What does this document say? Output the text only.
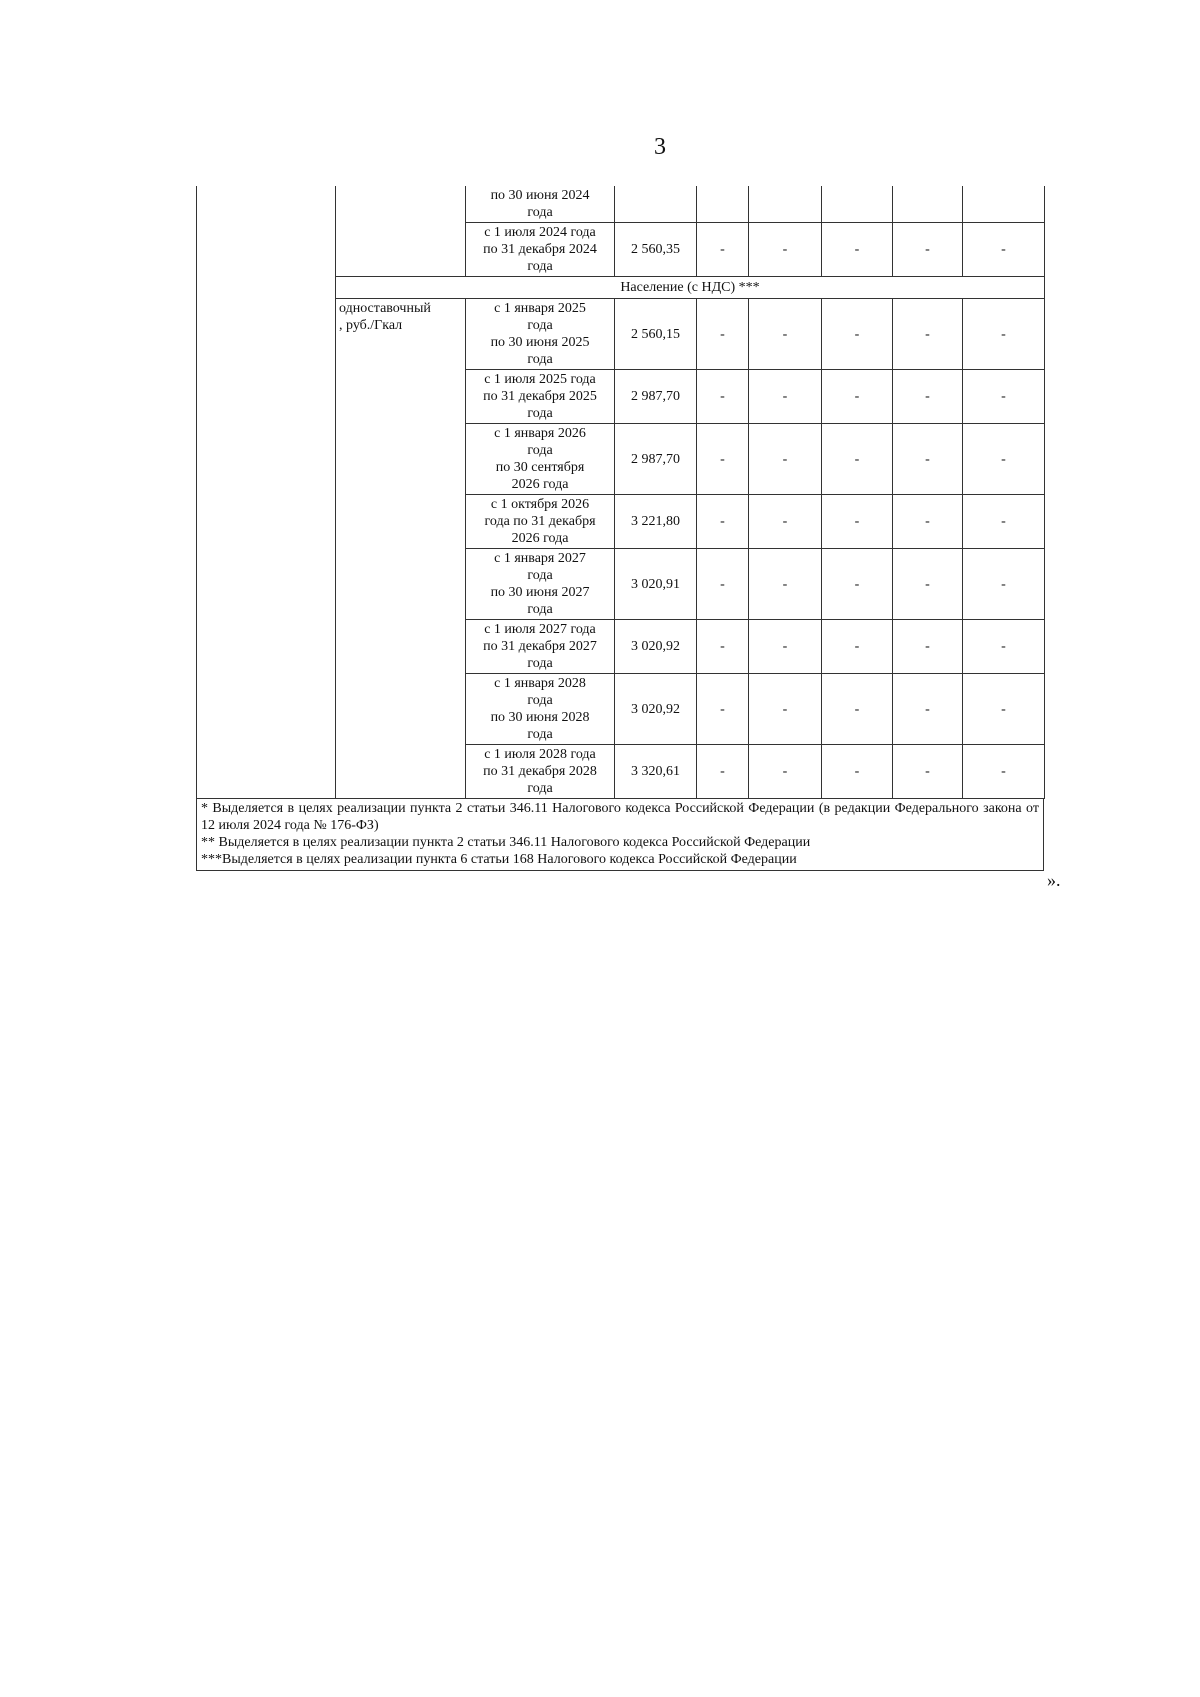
3
		по 30 июня 2024
года						
		с 1 июля 2024 года
по 31 декабря 2024
года	2 560,35	-	-	-	-	-
	Население (с НДС) ***							
	одноставочный
, руб./Гкал	с 1 января 2025
года
по 30 июня 2025
года	2 560,15	-	-	-	-	-
		с 1 июля 2025 года
по 31 декабря 2025
года	2 987,70	-	-	-	-	-
		с 1 января 2026
года
по 30 сентября
2026 года	2 987,70	-	-	-	-	-
		с 1 октября 2026
года по 31 декабря
2026 года	3 221,80	-	-	-	-	-
		с 1 января 2027
года
по 30 июня 2027
года	3 020,91	-	-	-	-	-
		с 1 июля 2027 года
по 31 декабря 2027
года	3 020,92	-	-	-	-	-
		с 1 января 2028
года
по 30 июня 2028
года	3 020,92	-	-	-	-	-
		с 1 июля 2028 года
по 31 декабря 2028
года	3 320,61	-	-	-	-	-
* Выделяется в целях реализации пункта 2 статьи 346.11 Налогового кодекса Российской Федерации (в редакции Федерального закона от 12 июля 2024 года № 176-ФЗ)
** Выделяется в целях реализации пункта 2 статьи 346.11 Налогового кодекса Российской Федерации
***Выделяется в целях реализации пункта 6 статьи 168 Налогового кодекса Российской Федерации
».
